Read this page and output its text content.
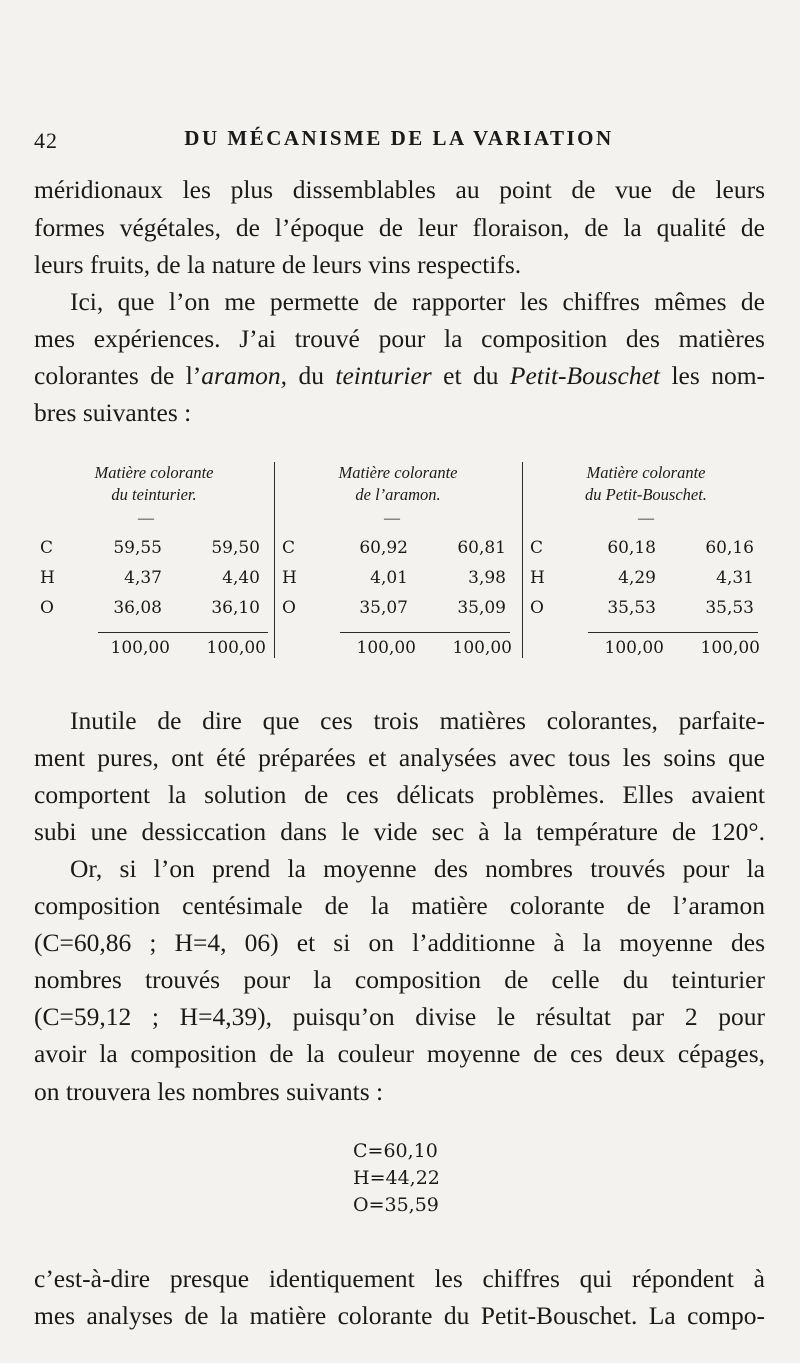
42	DU MÉCANISME DE LA VARIATION
méridionaux les plus dissemblables au point de vue de leurs
formes végétales, de l’époque de leur floraison, de la qualité de
leurs fruits, de la nature de leurs vins respectifs.
Ici, que l’on me permette de rapporter les chiffres mêmes de
mes expériences. J’ai trouvé pour la composition des matières
colorantes de l’aramon, du teinturier et du Petit-Bouschet les nom-
bres suivantes :
Matière colorante
du teinturier.
—
C	59,55	59,50
H	4,37	4,40
O	36,08	36,10
100,00 100,00
Matière colorante
de l’aramon.
—
C	60,92	60,81
H	4,01	3,98
O	35,07	35,09
100,00 100,00
Matière colorante
du Petit-Bouschet.
—
C	60,18	60,16
H	4,29	4,31
O	35,53	35,53
100,00 100,00
Inutile de dire que ces trois matières colorantes, parfaite-
ment pures, ont été préparées et analysées avec tous les soins que
comportent la solution de ces délicats problèmes. Elles avaient
subi une dessiccation dans le vide sec à la température de 120°.
Or, si l’on prend la moyenne des nombres trouvés pour la
composition centésimale de la matière colorante de l’aramon
(C=60,86 ; H=4, 06) et si on l’additionne à la moyenne des
nombres trouvés pour la composition de celle du teinturier
(C=59,12 ; H=4,39), puisqu’on divise le résultat par 2 pour
avoir la composition de la couleur moyenne de ces deux cépages,
on trouvera les nombres suivants :
C=60,10
H=44,22
O=35,59
c’est-à-dire presque identiquement les chiffres qui répondent à
mes analyses de la matière colorante du Petit-Bouschet. La compo-
